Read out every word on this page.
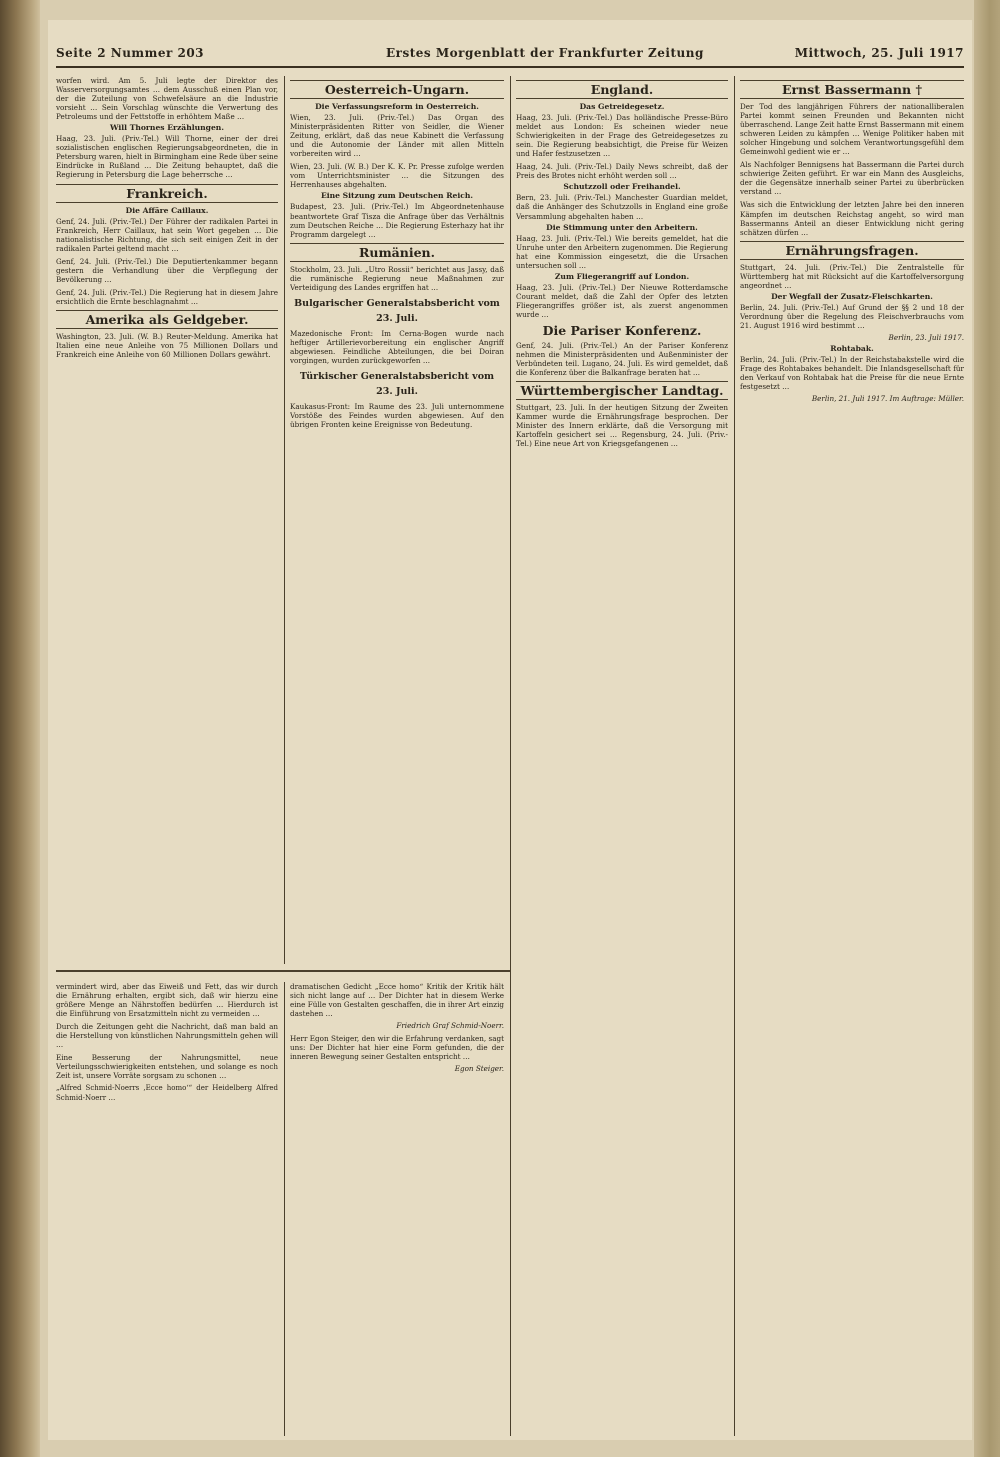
Seite 2 Nummer 203	Erstes Morgenblatt der Frankfurter Zeitung	Mittwoch, 25. Juli 1917
worfen wird. Am 5. Juli legte der Direktor des Wasserversorgungsamtes … dem Ausschuß einen Plan vor, der die Zuteilung von Schwefelsäure an die Industrie vorsieht … Sein Vorschlag wünschte die Verwertung des Petroleums und der Fettstoffe in erhöhtem Maße …
Will Thornes Erzählungen.
Haag, 23. Juli. (Priv.-Tel.) Will Thorne, einer der drei sozialistischen englischen Regierungsabgeordneten, die in Petersburg waren, hielt in Birmingham eine Rede über seine Eindrücke in Rußland … Die Zeitung behauptet, daß die Regierung in Petersburg die Lage beherrsche …
Frankreich.
Die Affäre Caillaux.
Genf, 24. Juli. (Priv.-Tel.) Der Führer der radikalen Partei in Frankreich, Herr Caillaux, hat sein Wort gegeben … Die nationalistische Richtung, die sich seit einigen Zeit in der radikalen Partei geltend macht …
Genf, 24. Juli. (Priv.-Tel.) Die Deputiertenkammer begann gestern die Verhandlung über die Verpflegung der Bevölkerung …
Genf, 24. Juli. (Priv.-Tel.) Die Regierung hat in diesem Jahre ersichtlich die Ernte beschlagnahmt …
Amerika als Geldgeber.
Washington, 23. Juli. (W. B.) Reuter-Meldung. Amerika hat Italien eine neue Anleihe von 75 Millionen Dollars und Frankreich eine Anleihe von 60 Millionen Dollars gewährt.
Oesterreich-Ungarn.
Die Verfassungsreform in Oesterreich.
Wien, 23. Juli. (Priv.-Tel.) Das Organ des Ministerpräsidenten Ritter von Seidler, die Wiener Zeitung, erklärt, daß das neue Kabinett die Verfassung und die Autonomie der Länder mit allen Mitteln vorbereiten wird …
Wien, 23. Juli. (W. B.) Der K. K. Pr. Presse zufolge werden vom Unterrichtsminister … die Sitzungen des Herrenhauses abgehalten.
Eine Sitzung zum Deutschen Reich.
Budapest, 23. Juli. (Priv.-Tel.) Im Abgeordnetenhause beantwortete Graf Tisza die Anfrage über das Verhältnis zum Deutschen Reiche … Die Regierung Esterhazy hat ihr Programm dargelegt …
Rumänien.
Stockholm, 23. Juli. „Utro Rossii“ berichtet aus Jassy, daß die rumänische Regierung neue Maßnahmen zur Verteidigung des Landes ergriffen hat …
Bulgarischer Generalstabsbericht vom 23. Juli.
Mazedonische Front: Im Cerna-Bogen wurde nach heftiger Artillerievorbereitung ein englischer Angriff abgewiesen. Feindliche Abteilungen, die bei Doiran vorgingen, wurden zurückgeworfen …
Türkischer Generalstabsbericht vom 23. Juli.
Kaukasus-Front: Im Raume des 23. Juli unternommene Vorstöße des Feindes wurden abgewiesen. Auf den übrigen Fronten keine Ereignisse von Bedeutung.
England.
Das Getreidegesetz.
Haag, 23. Juli. (Priv.-Tel.) Das holländische Presse-Büro meldet aus London: Es scheinen wieder neue Schwierigkeiten in der Frage des Getreidegesetzes zu sein. Die Regierung beabsichtigt, die Preise für Weizen und Hafer festzusetzen …
Haag, 24. Juli. (Priv.-Tel.) Daily News schreibt, daß der Preis des Brotes nicht erhöht werden soll …
Schutzzoll oder Freihandel.
Bern, 23. Juli. (Priv.-Tel.) Manchester Guardian meldet, daß die Anhänger des Schutzzolls in England eine große Versammlung abgehalten haben …
Die Stimmung unter den Arbeitern.
Haag, 23. Juli. (Priv.-Tel.) Wie bereits gemeldet, hat die Unruhe unter den Arbeitern zugenommen. Die Regierung hat eine Kommission eingesetzt, die die Ursachen untersuchen soll …
Zum Fliegerangriff auf London.
Haag, 23. Juli. (Priv.-Tel.) Der Nieuwe Rotterdamsche Courant meldet, daß die Zahl der Opfer des letzten Fliegerangriffes größer ist, als zuerst angenommen wurde …
Die Pariser Konferenz.
Genf, 24. Juli. (Priv.-Tel.) An der Pariser Konferenz nehmen die Ministerpräsidenten und Außenminister der Verbündeten teil. Lugano, 24. Juli. Es wird gemeldet, daß die Konferenz über die Balkanfrage beraten hat …
Württembergischer Landtag.
Stuttgart, 23. Juli. In der heutigen Sitzung der Zweiten Kammer wurde die Ernährungsfrage besprochen. Der Minister des Innern erklärte, daß die Versorgung mit Kartoffeln gesichert sei … Regensburg, 24. Juli. (Priv.-Tel.) Eine neue Art von Kriegsgefangenen …
Ernst Bassermann †
Der Tod des langjährigen Führers der nationalliberalen Partei kommt seinen Freunden und Bekannten nicht überraschend. Lange Zeit hatte Ernst Bassermann mit einem schweren Leiden zu kämpfen … Wenige Politiker haben mit solcher Hingebung und solchem Verantwortungsgefühl dem Gemeinwohl gedient wie er …
Als Nachfolger Bennigsens hat Bassermann die Partei durch schwierige Zeiten geführt. Er war ein Mann des Ausgleichs, der die Gegensätze innerhalb seiner Partei zu überbrücken verstand …
Was sich die Entwicklung der letzten Jahre bei den inneren Kämpfen im deutschen Reichstag angeht, so wird man Bassermanns Anteil an dieser Entwicklung nicht gering schätzen dürfen …
Ernährungsfragen.
Stuttgart, 24. Juli. (Priv.-Tel.) Die Zentralstelle für Württemberg hat mit Rücksicht auf die Kartoffelversorgung angeordnet …
Der Wegfall der Zusatz-Fleischkarten.
Berlin, 24. Juli. (Priv.-Tel.) Auf Grund der §§ 2 und 18 der Verordnung über die Regelung des Fleischverbrauchs vom 21. August 1916 wird bestimmt …
Berlin, 23. Juli 1917.
Rohtabak.
Berlin, 24. Juli. (Priv.-Tel.) In der Reichstabakstelle wird die Frage des Rohtabakes behandelt. Die Inlandsgesellschaft für den Verkauf von Rohtabak hat die Preise für die neue Ernte festgesetzt …
Berlin, 21. Juli 1917. Im Auftrage: Müller.
vermindert wird, aber das Eiweiß und Fett, das wir durch die Ernährung erhalten, ergibt sich, daß wir hierzu eine größere Menge an Nährstoffen bedürfen … Hierdurch ist die Einführung von Ersatzmitteln nicht zu vermeiden …
Durch die Zeitungen geht die Nachricht, daß man bald an die Herstellung von künstlichen Nahrungsmitteln gehen will …
Eine Besserung der Nahrungsmittel, neue Verteilungsschwierigkeiten entstehen, und solange es noch Zeit ist, unsere Vorräte sorgsam zu schonen …
„Alfred Schmid-Noerrs ‚Ecce homo‘“ der Heidelberg Alfred Schmid-Noerr …
dramatischen Gedicht „Ecce homo“ Kritik der Kritik hält sich nicht lange auf … Der Dichter hat in diesem Werke eine Fülle von Gestalten geschaffen, die in ihrer Art einzig dastehen …
Friedrich Graf Schmid-Noerr.
Herr Egon Steiger, den wir die Erfahrung verdanken, sagt uns: Der Dichter hat hier eine Form gefunden, die der inneren Bewegung seiner Gestalten entspricht …
Egon Steiger.
